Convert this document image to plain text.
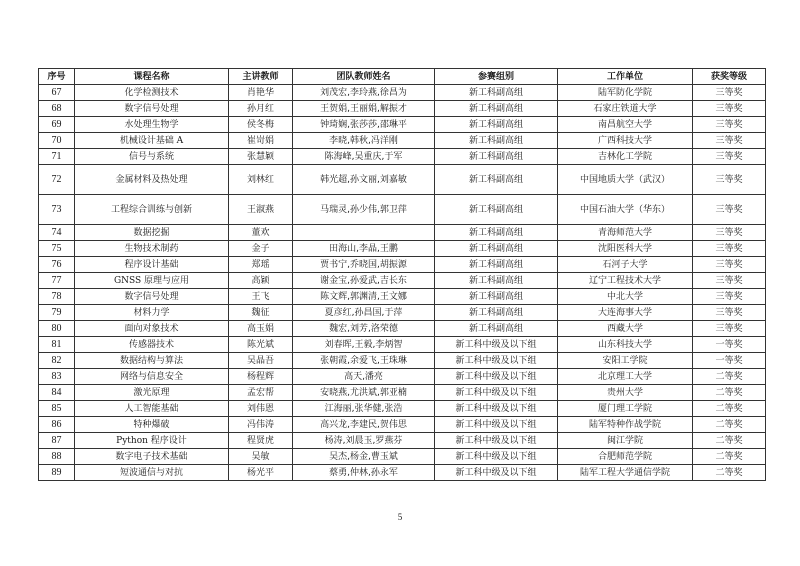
序号	课程名称	主讲教师	团队教师姓名	参赛组别	工作单位	获奖等级
67	化学检测技术	肖艳华	刘茂宏,李玲燕,徐昌为	新工科副高组	陆军防化学院	三等奖
68	数字信号处理	孙月红	王贺娟,王丽娟,解振才	新工科副高组	石家庄铁道大学	三等奖
69	水处理生物学	侯冬梅	钟琦娴,张莎莎,邵琳平	新工科副高组	南昌航空大学	三等奖
70	机械设计基础 A	崔岢娟	李晓,韩秋,冯洋刚	新工科副高组	广西科技大学	三等奖
71	信号与系统	张慧颖	陈海峰,吴重庆,于军	新工科副高组	吉林化工学院	三等奖
72	金属材料及热处理	刘林红	韩光超,孙文丽,刘嘉敏	新工科副高组	中国地质大学（武汉）	三等奖
73	工程综合训练与创新	王淑燕	马瑞灵,孙少伟,郭卫萍	新工科副高组	中国石油大学（华东）	三等奖
74	数据挖掘	董欢		新工科副高组	青海师范大学	三等奖
75	生物技术制药	金子	田海山,李晶,王鹏	新工科副高组	沈阳医科大学	三等奖
76	程序设计基础	郑瑶	贾书宁,乔晓国,胡振源	新工科副高组	石河子大学	三等奖
77	GNSS 原理与应用	高颖	谢金宝,孙爱武,吉长东	新工科副高组	辽宁工程技术大学	三等奖
78	数字信号处理	王飞	陈文辉,郭渊清,王文娜	新工科副高组	中北大学	三等奖
79	材料力学	魏征	夏彦红,孙昌国,于萍	新工科副高组	大连海事大学	三等奖
80	面向对象技术	高玉娟	魏宏,刘芳,洛荣德	新工科副高组	西藏大学	三等奖
81	传感器技术	陈光斌	刘春晖,王毅,李炳智	新工科中级及以下组	山东科技大学	一等奖
82	数据结构与算法	吴晶吾	张朝霞,余爱飞,王珠琳	新工科中级及以下组	安阳工学院	一等奖
83	网络与信息安全	杨程辉	高天,潘亮	新工科中级及以下组	北京理工大学	二等奖
84	激光原理	孟宏帮	安晓燕,尤洪斌,郭亚楠	新工科中级及以下组	贵州大学	二等奖
85	人工智能基础	刘伟恩	江海丽,张华健,张浩	新工科中级及以下组	厦门理工学院	二等奖
86	特种爆破	冯伟涛	高兴龙,李建民,贺伟思	新工科中级及以下组	陆军特种作战学院	二等奖
87	Python 程序设计	程贤虎	杨涛,刘晨玉,罗燕芬	新工科中级及以下组	闽江学院	二等奖
88	数字电子技术基础	吴敏	吴杰,杨金,曹玉斌	新工科中级及以下组	合肥师范学院	二等奖
89	短波通信与对抗	杨光平	蔡勇,仲林,孙永军	新工科中级及以下组	陆军工程大学通信学院	二等奖
5
